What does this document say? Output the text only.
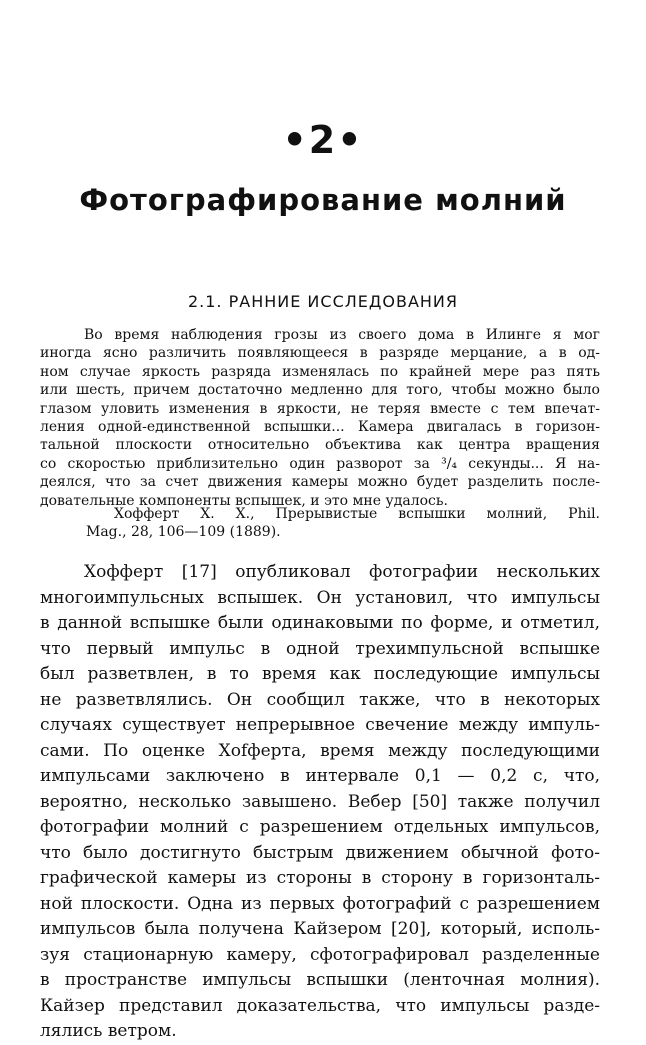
•2•
Фотографирование молний
2.1. РАННИЕ ИССЛЕДОВАНИЯ
Во время наблюдения грозы из своего дома в Илинге я мог
иногда ясно различить появляющееся в разряде мерцание, а в од-
ном случае яркость разряда изменялась по крайней мере раз пять
или шесть, причем достаточно медленно для того, чтобы можно было
глазом уловить изменения в яркости, не теряя вместе с тем впечат-
ления одной-единственной вспышки... Камера двигалась в горизон-
тальной плоскости относительно объектива как центра вращения
со скоростью приблизительно один разворот за ³/₄ секунды... Я на-
деялся, что за счет движения камеры можно будет разделить после-
довательные компоненты вспышек, и это мне удалось.
Хофферт Х. Х., Прерывистые вспышки молний, Phil.
Mag., 28, 106—109 (1889).
Хофферт [17] опубликовал фотографии нескольких
многоимпульсных вспышек. Он установил, что импульсы
в данной вспышке были одинаковыми по форме, и отметил,
что первый импульс в одной трехимпульсной вспышке
был разветвлен, в то время как последующие импульсы
не разветвлялись. Он сообщил также, что в некоторых
случаях существует непрерывное свечение между импуль-
сами. По оценке Хofферта, время между последующими
импульсами заключено в интервале 0,1 — 0,2 с, что,
вероятно, несколько завышено. Вебер [50] также получил
фотографии молний с разрешением отдельных импульсов,
что было достигнуто быстрым движением обычной фото-
графической камеры из стороны в сторону в горизонталь-
ной плоскости. Одна из первых фотографий с разрешением
импульсов была получена Кайзером [20], который, исполь-
зуя стационарную камеру, сфотографировал разделенные
в пространстве импульсы вспышки (ленточная молния).
Кайзер представил доказательства, что импульсы разде-
лялись ветром.
